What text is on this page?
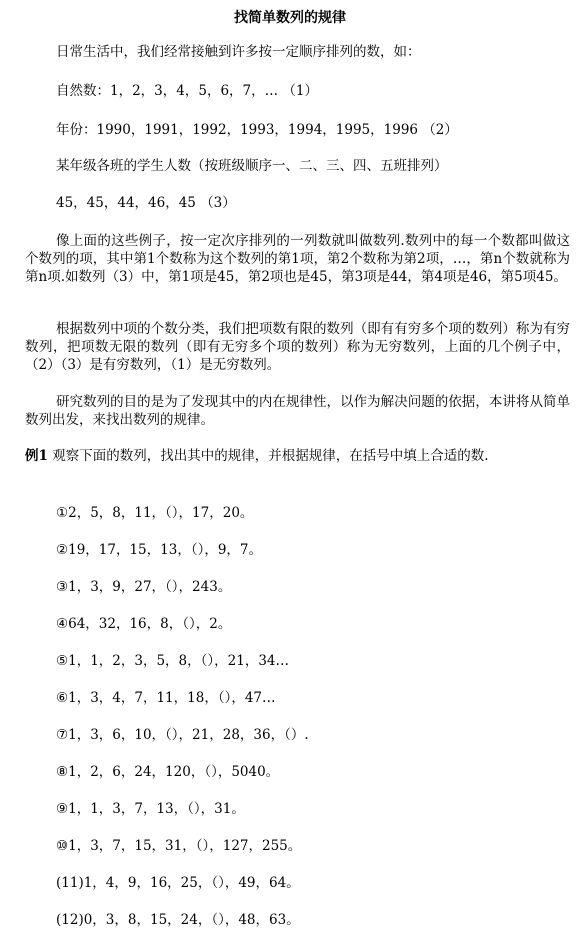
找简单数列的规律
日常生活中，我们经常接触到许多按一定顺序排列的数，如：
自然数：1，2，3，4，5，6，7，… （1）
年份：1990，1991，1992，1993，1994，1995，1996 （2）
某年级各班的学生人数（按班级顺序一、二、三、四、五班排列）
45，45，44，46，45 （3）
像上面的这些例子，按一定次序排列的一列数就叫做数列.数列中的每一个数都叫做这个数列的项，其中第1个数称为这个数列的第1项，第2个数称为第2项，…，第n个数就称为第n项.如数列（3）中，第1项是45，第2项也是45，第3项是44，第4项是46，第5项45。
根据数列中项的个数分类，我们把项数有限的数列（即有有穷多个项的数列）称为有穷数列，把项数无限的数列（即有无穷多个项的数列）称为无穷数列，上面的几个例子中，（2）（3）是有穷数列，（1）是无穷数列。
研究数列的目的是为了发现其中的内在规律性，以作为解决问题的依据，本讲将从简单数列出发，来找出数列的规律。
例1 观察下面的数列，找出其中的规律，并根据规律，在括号中填上合适的数.
①2，5，8，11，（），17，20。
②19，17，15，13，（），9，7。
③1，3，9，27，（），243。
④64，32，16，8，（），2。
⑤1，1，2，3，5，8，（），21，34…
⑥1，3，4，7，11，18，（），47…
⑦1，3，6，10，（），21，28，36，（）.
⑧1，2，6，24，120，（），5040。
⑨1，1，3，7，13，（），31。
⑩1，3，7，15，31，（），127，255。
(11)1，4，9，16，25，（），49，64。
(12)0，3，8，15，24，（），48，63。
